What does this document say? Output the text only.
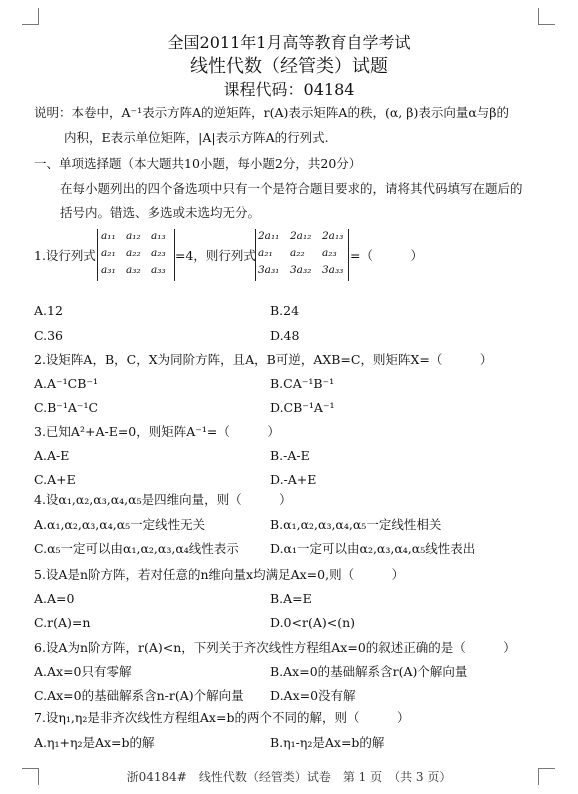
全国2011年1月高等教育自学考试
线性代数（经管类）试题
课程代码：04184
说明：本卷中，A⁻¹表示方阵A的逆矩阵，r(A)表示矩阵A的秩，(α, β)表示向量α与β的
内积，E表示单位矩阵，|A|表示方阵A的行列式.
一、单项选择题（本大题共10小题，每小题2分，共20分）
在每小题列出的四个备选项中只有一个是符合题目要求的，请将其代码填写在题后的
括号内。错选、多选或未选均无分。
1.设行列式
a₁₁ a₁₂ a₁₃
a₂₁ a₂₂ a₂₃
a₃₁ a₃₂ a₃₃
=4，则行列式
2a₁₁ 2a₁₂ 2a₁₃
a₂₁ a₂₂ a₂₃
3a₃₁ 3a₃₂ 3a₃₃
=（　　　）
A.12	B.24
C.36	D.48
2.设矩阵A，B，C，X为同阶方阵，且A，B可逆，AXB=C，则矩阵X=（　　　）
A.A⁻¹CB⁻¹	B.CA⁻¹B⁻¹
C.B⁻¹A⁻¹C	D.CB⁻¹A⁻¹
3.已知A²+A-E=0，则矩阵A⁻¹=（　　　）
A.A-E	B.-A-E
C.A+E	D.-A+E
4.设α₁,α₂,α₃,α₄,α₅是四维向量，则（　　　）
A.α₁,α₂,α₃,α₄,α₅一定线性无关	B.α₁,α₂,α₃,α₄,α₅一定线性相关
C.α₅一定可以由α₁,α₂,α₃,α₄线性表示 D.α₁一定可以由α₂,α₃,α₄,α₅线性表出
5.设A是n阶方阵，若对任意的n维向量x均满足Ax=0,则（　　　）
A.A=0	B.A=E
C.r(A)=n	D.0<r(A)<(n)
6.设A为n阶方阵，r(A)<n，下列关于齐次线性方程组Ax=0的叙述正确的是（　　　）
A.Ax=0只有零解	B.Ax=0的基础解系含r(A)个解向量
C.Ax=0的基础解系含n-r(A)个解向量 D.Ax=0没有解
7.设η₁,η₂是非齐次线性方程组Ax=b的两个不同的解，则（　　　）
A.η₁+η₂是Ax=b的解	B.η₁-η₂是Ax=b的解
浙04184#　线性代数（经管类）试卷　第 1 页　（共 3 页）
